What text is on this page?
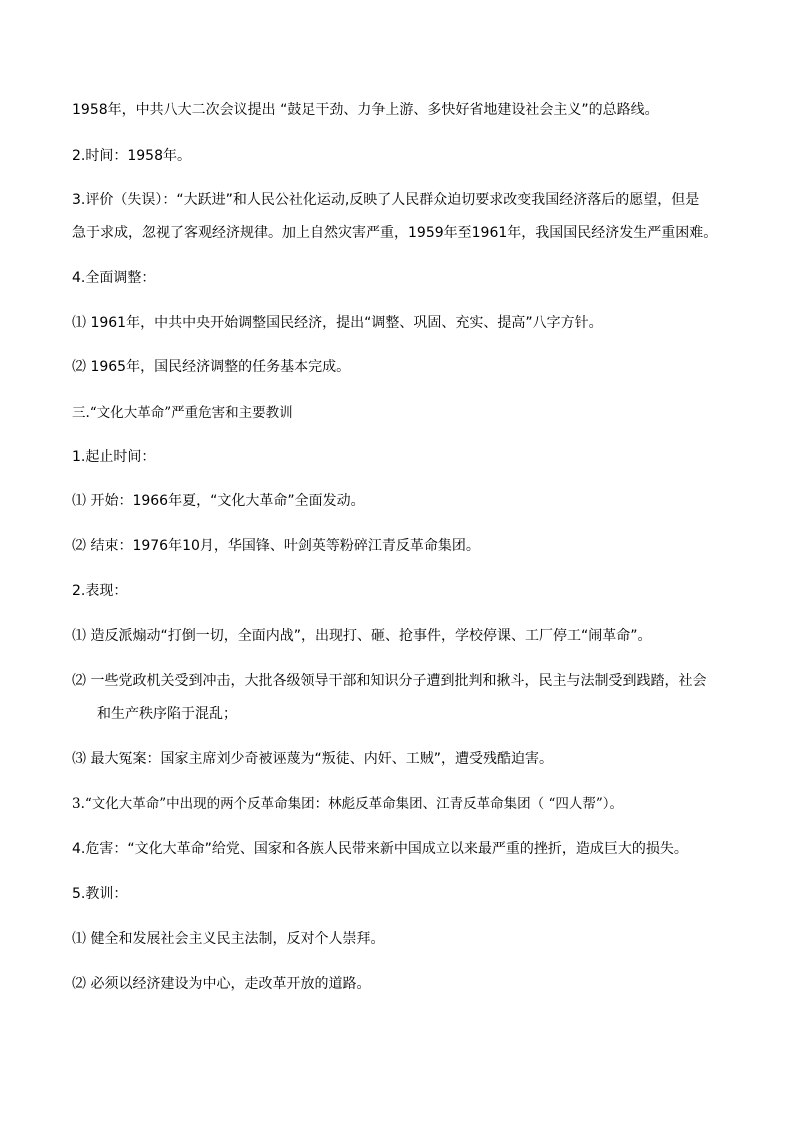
1958年，中共八大二次会议提出 “鼓足干劲、力争上游、多快好省地建设社会主义”的总路线。
2.时间：1958年。
3.评价（失误）：“大跃进”和人民公社化运动,反映了人民群众迫切要求改变我国经济落后的愿望，但是
急于求成，忽视了客观经济规律。加上自然灾害严重，1959年至1961年，我国国民经济发生严重困难。
4.全面调整：
⑴ 1961年，中共中央开始调整国民经济，提出“调整、巩固、充实、提高”八字方针。
⑵ 1965年，国民经济调整的任务基本完成。
三.“文化大革命”严重危害和主要教训
1.起止时间：
⑴ 开始：1966年夏，“文化大革命”全面发动。
⑵ 结束：1976年10月，华国锋、叶剑英等粉碎江青反革命集团。
2.表现：
⑴ 造反派煽动“打倒一切，全面内战”，出现打、砸、抢事件，学校停课、工厂停工“闹革命”。
⑵ 一些党政机关受到冲击，大批各级领导干部和知识分子遭到批判和揪斗，民主与法制受到践踏，社会
和生产秩序陷于混乱；
⑶ 最大冤案：国家主席刘少奇被诬蔑为“叛徒、内奸、工贼”，遭受残酷迫害。
3.“文化大革命”中出现的两个反革命集团：林彪反革命集团、江青反革命集团（ “四人帮”）。
4.危害：“文化大革命”给党、国家和各族人民带来新中国成立以来最严重的挫折，造成巨大的损失。
5.教训：
⑴ 健全和发展社会主义民主法制，反对个人崇拜。
⑵ 必须以经济建设为中心，走改革开放的道路。
